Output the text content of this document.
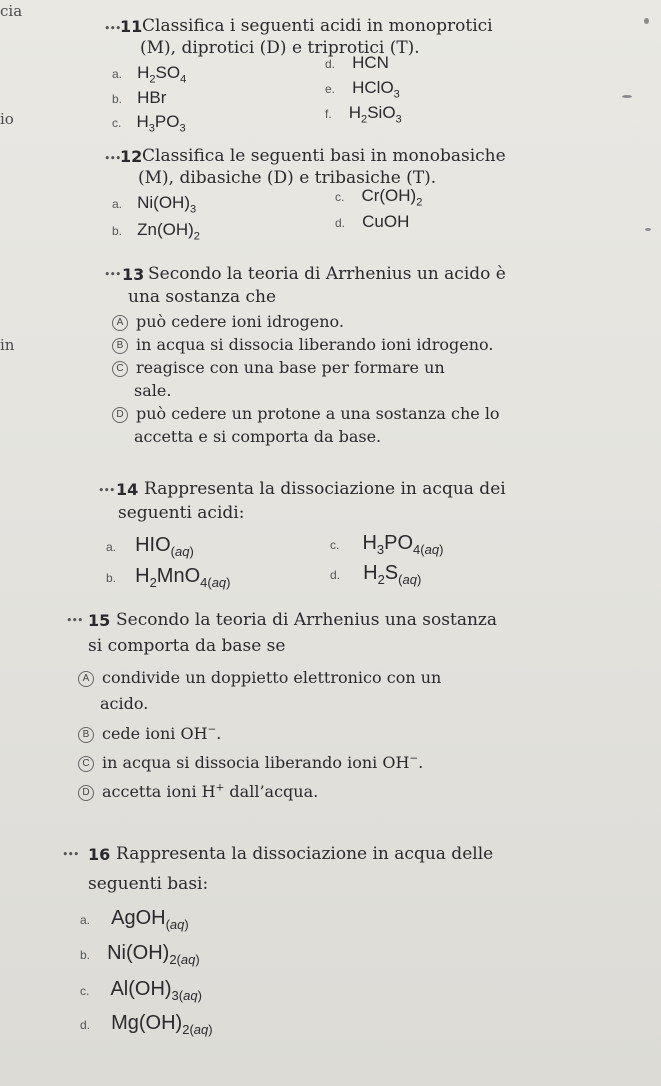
cia
io
in
••• 11 Classifica i seguenti acidi in monoprotici
(M), diprotici (D) e triprotici (T).
a. $H_2SO_4$
b. HBr
c. $H_3PO_3$
d. HCN
e. HClO$_3$
f. $H_2SiO_3$
••• 12 Classifica le seguenti basi in monobasiche
(M), dibasiche (D) e tribasiche (T).
a. $Ni(OH)_3$
b. $Zn(OH)_2$
c. $Cr(OH)_2$
d. CuOH
••• 13 Secondo la teoria di Arrhenius un acido è
una sostanza che
A può cedere ioni idrogeno.
B in acqua si dissocia liberando ioni idrogeno.
C reagisce con una base per formare un
sale.
D può cedere un protone a una sostanza che lo
accetta e si comporta da base.
••• 14 Rappresenta la dissociazione in acqua dei
seguenti acidi:
a. $HIO_{(aq)}$
b. $H_2MnO_{4(aq)}$
c. $H_3PO_{4(aq)}$
d. $H_2S_{(aq)}$
••• 15 Secondo la teoria di Arrhenius una sostanza
si comporta da base se
A condivide un doppietto elettronico con un
acido.
B cede ioni OH−.
C in acqua si dissocia liberando ioni OH−.
D accetta ioni H+ dall’acqua.
••• 16 Rappresenta la dissociazione in acqua delle
seguenti basi:
a. AgOH$_{(aq)}$
b. $Ni(OH)_{2(aq)}$
c. $Al(OH)_{3(aq)}$
d. $Mg(OH)_{2(aq)}$
